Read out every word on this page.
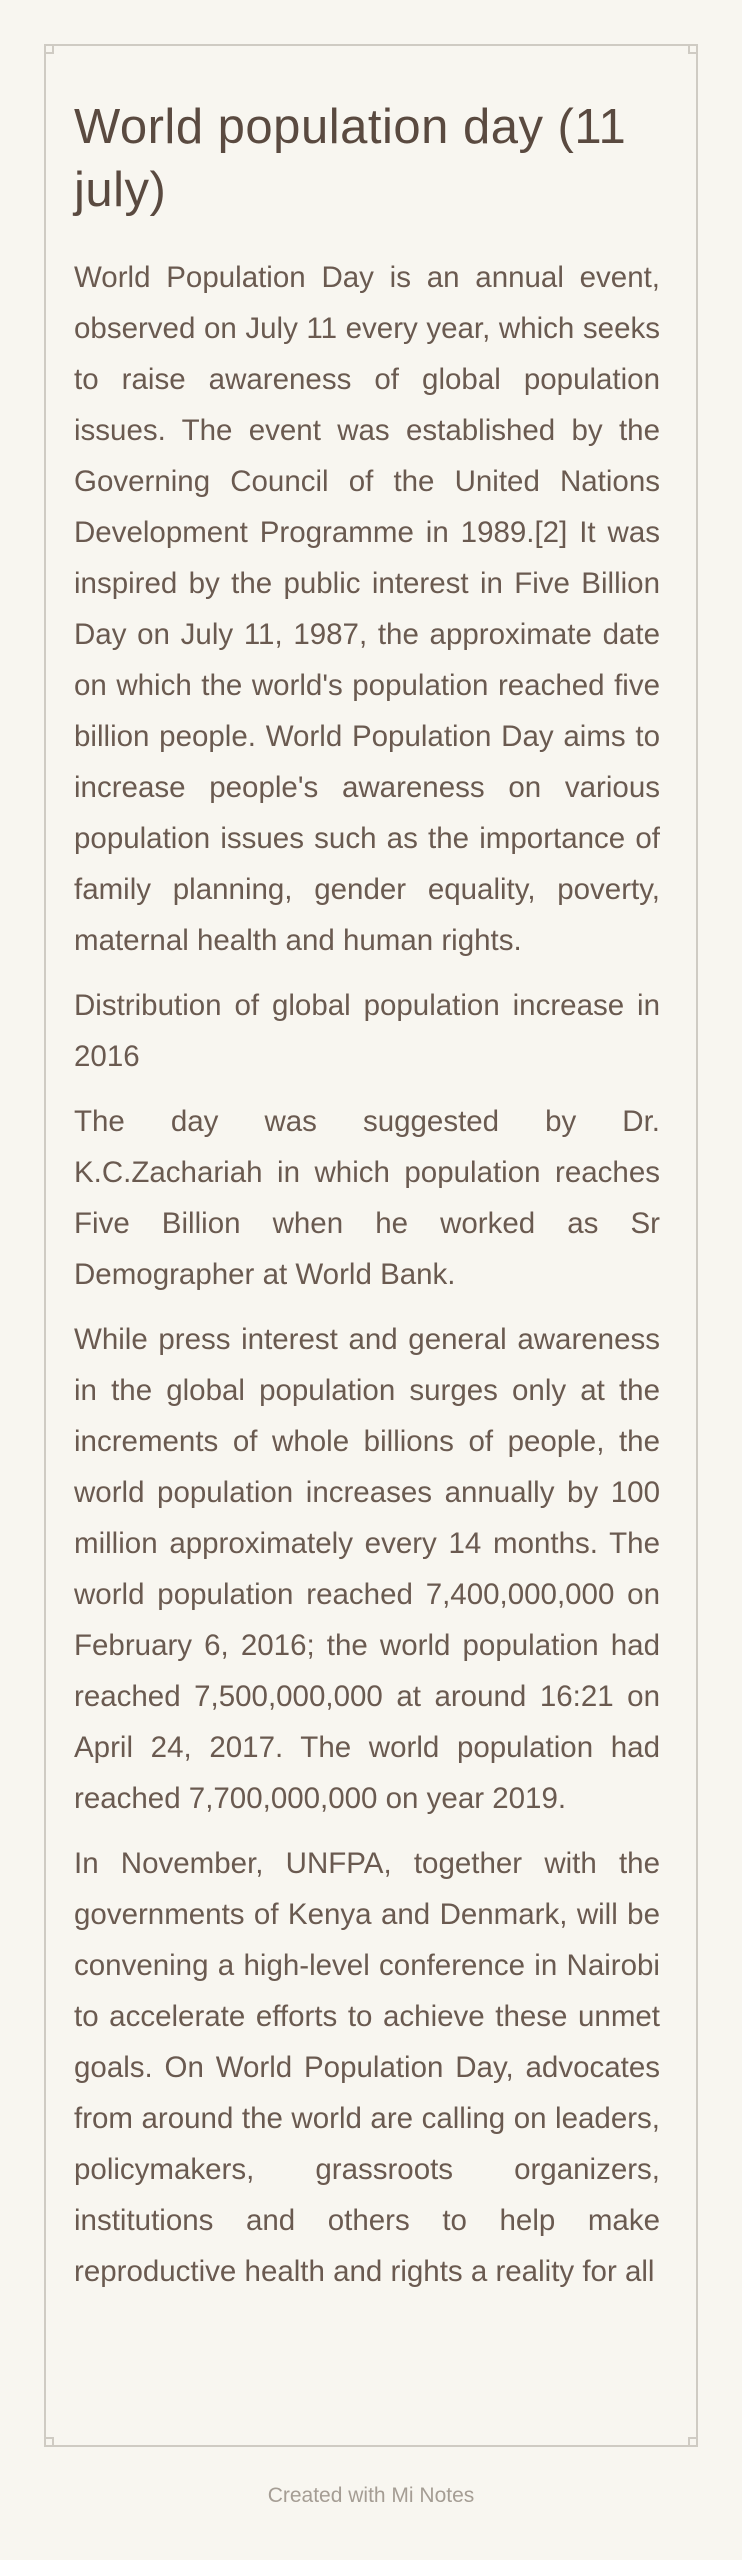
World population day (11 july)

World Population Day is an annual event, observed on July 11 every year, which seeks to raise awareness of global population issues. The event was established by the Governing Council of the United Nations Development Programme in 1989.[2] It was inspired by the public interest in Five Billion Day on July 11, 1987, the approximate date on which the world's population reached five billion people. World Population Day aims to increase people's awareness on various population issues such as the importance of family planning, gender equality, poverty, maternal health and human rights.

Distribution of global population increase in 2016

The day was suggested by Dr. K.C.Zachariah in which population reaches Five Billion when he worked as Sr Demographer at World Bank.

While press interest and general awareness in the global population surges only at the increments of whole billions of people, the world population increases annually by 100 million approximately every 14 months. The world population reached 7,400,000,000 on February 6, 2016; the world population had reached 7,500,000,000 at around 16:21 on April 24, 2017. The world population had reached 7,700,000,000 on year 2019.

In November, UNFPA, together with the governments of Kenya and Denmark, will be convening a high-level conference in Nairobi to accelerate efforts to achieve these unmet goals. On World Population Day, advocates from around the world are calling on leaders, policymakers, grassroots organizers, institutions and others to help make reproductive health and rights a reality for all

Created with Mi Notes
